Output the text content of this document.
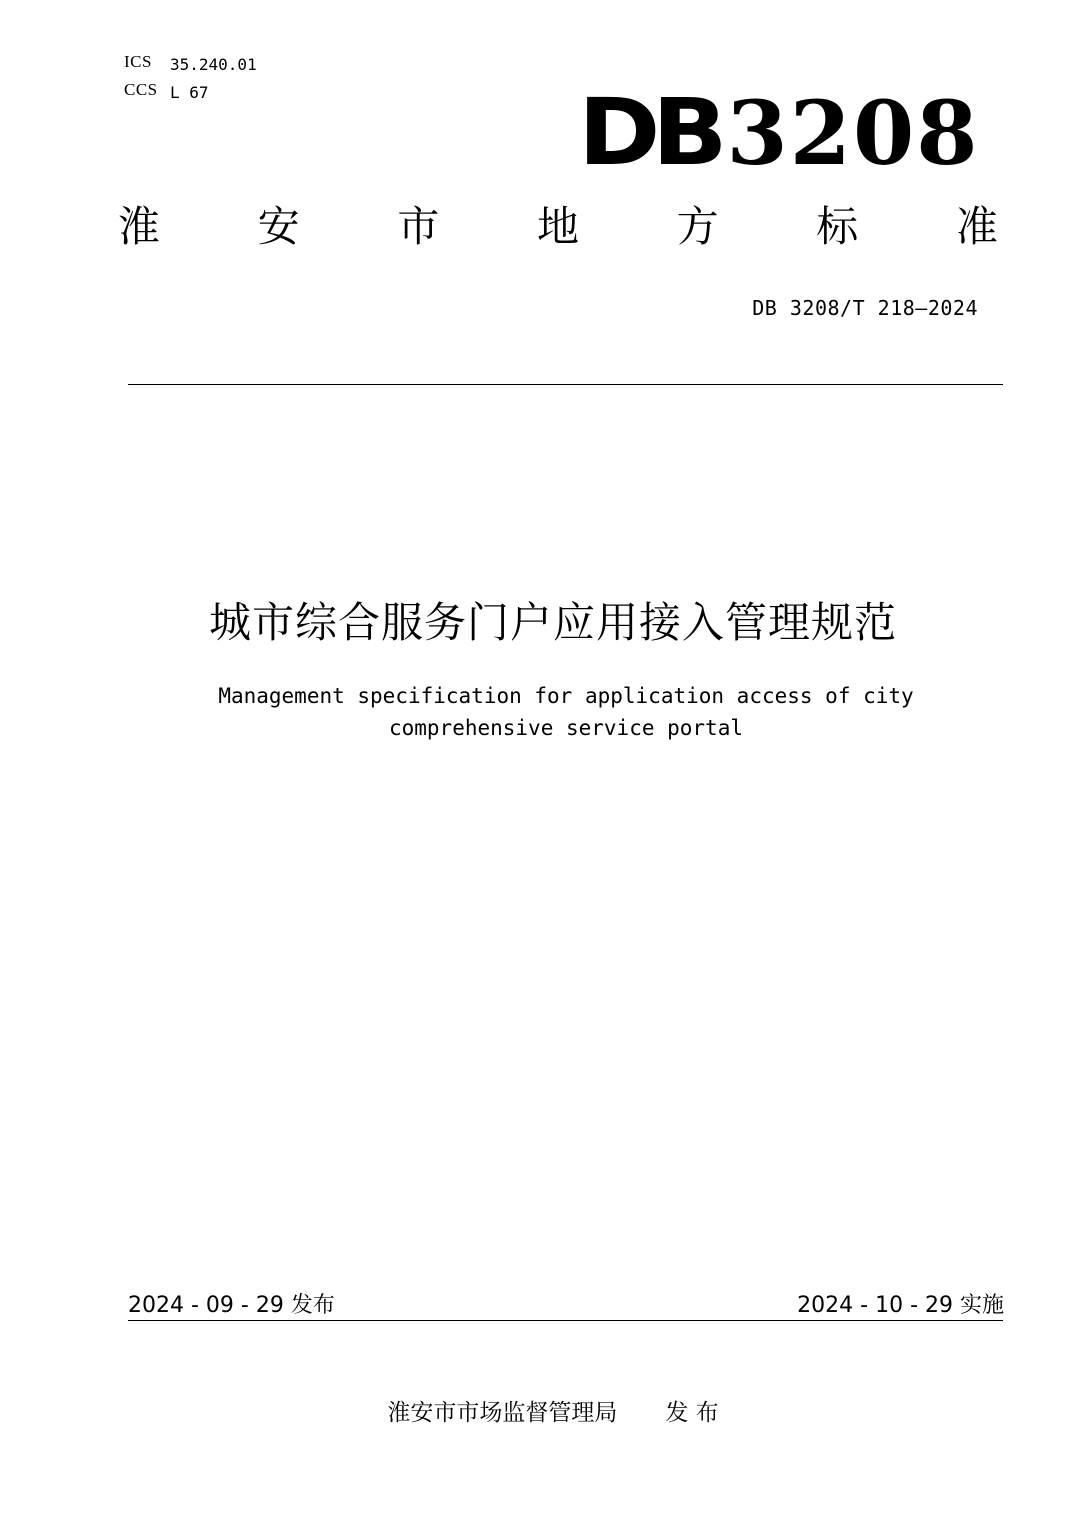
ICS 35.240.01
CCS L 67	DB 3208
淮 安 市 地 方 标 准
DB 3208/T 218—2024
城市综合服务门户应用接入管理规范
Management specification for application access of city
comprehensive service portal
2024 - 09 - 29 发布	2024 - 10 - 29 实施
淮安市市场监督管理局 发 布
